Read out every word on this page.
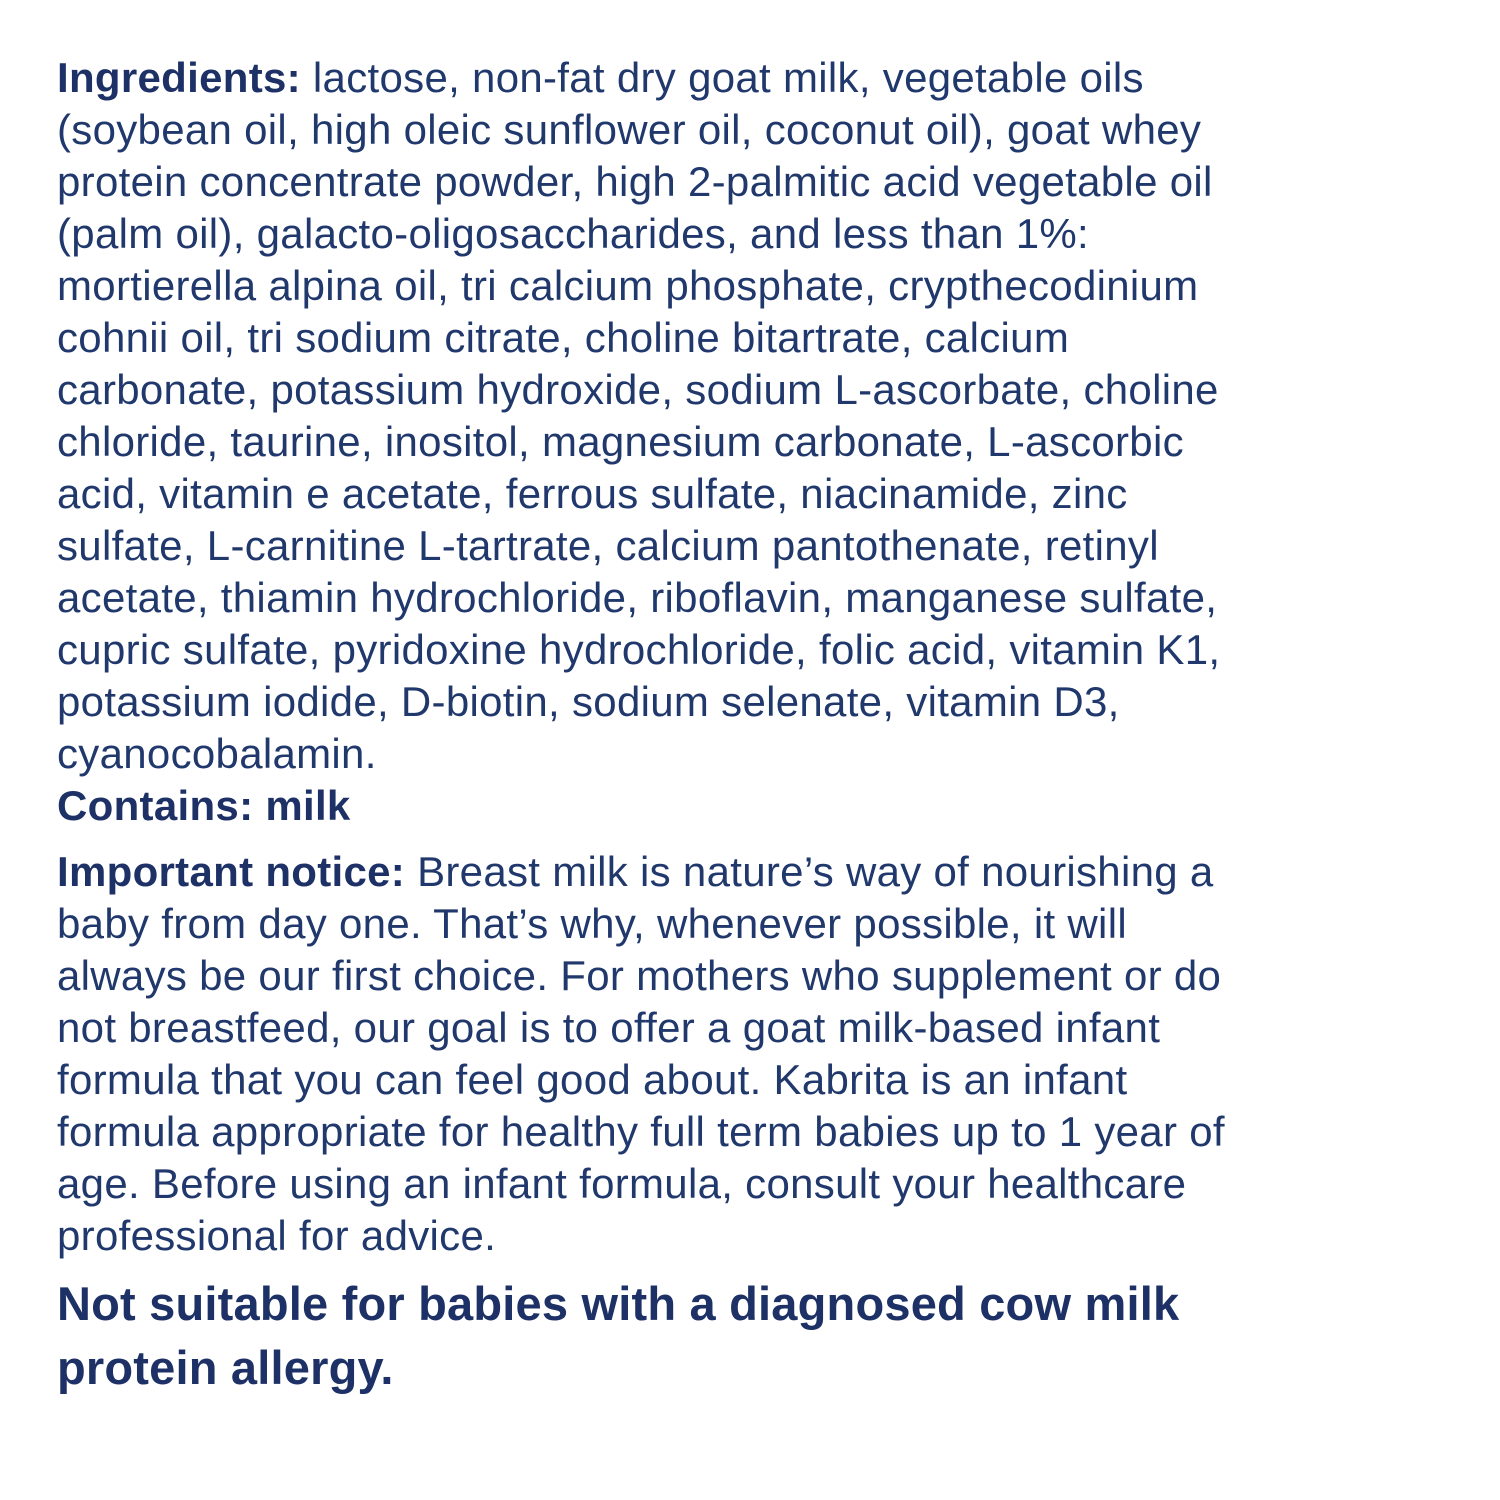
Ingredients: lactose, non-fat dry goat milk, vegetable oils
(soybean oil, high oleic sunflower oil, coconut oil), goat whey
protein concentrate powder, high 2-palmitic acid vegetable oil
(palm oil), galacto-oligosaccharides, and less than 1%:
mortierella alpina oil, tri calcium phosphate, crypthecodinium
cohnii oil, tri sodium citrate, choline bitartrate, calcium
carbonate, potassium hydroxide, sodium L-ascorbate, choline
chloride, taurine, inositol, magnesium carbonate, L-ascorbic
acid, vitamin e acetate, ferrous sulfate, niacinamide, zinc
sulfate, L-carnitine L-tartrate, calcium pantothenate, retinyl
acetate, thiamin hydrochloride, riboflavin, manganese sulfate,
cupric sulfate, pyridoxine hydrochloride, folic acid, vitamin K1,
potassium iodide, D-biotin, sodium selenate, vitamin D3,
cyanocobalamin.
Contains: milk
Important notice: Breast milk is nature’s way of nourishing a
baby from day one. That’s why, whenever possible, it will
always be our first choice. For mothers who supplement or do
not breastfeed, our goal is to offer a goat milk-based infant
formula that you can feel good about. Kabrita is an infant
formula appropriate for healthy full term babies up to 1 year of
age. Before using an infant formula, consult your healthcare
professional for advice.
Not suitable for babies with a diagnosed cow milk
protein allergy.
